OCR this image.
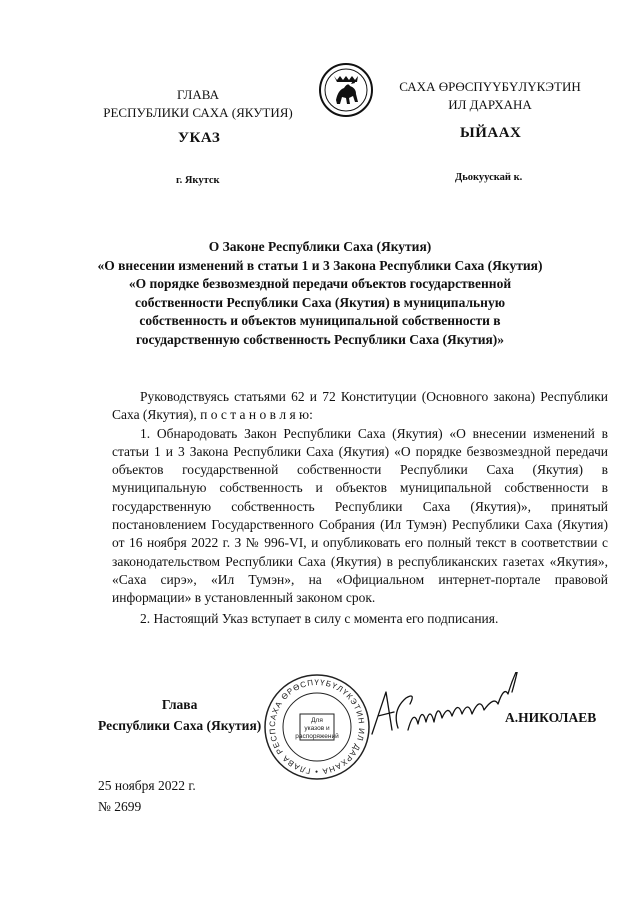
ГЛАВА
РЕСПУБЛИКИ САХА (ЯКУТИЯ)
САХА ӨРӨСПҮҮБҮЛҮКЭТИН
ИЛ ДАРХАНА
УКАЗ	ЫЙААХ
г. Якутск	Дьокуускай к.
О Законе Республики Саха (Якутия)
«О внесении изменений в статьи 1 и 3 Закона Республики Саха (Якутия)
«О порядке безвозмездной передачи объектов государственной
собственности Республики Саха (Якутия) в муниципальную
собственность и объектов муниципальной собственности в
государственную собственность Республики Саха (Якутия)»

Руководствуясь статьями 62 и 72 Конституции (Основного закона) Республики Саха (Якутия), п о с т а н о в л я ю:

1. Обнародовать Закон Республики Саха (Якутия) «О внесении изменений в статьи 1 и 3 Закона Республики Саха (Якутия) «О порядке безвозмездной передачи объектов государственной собственности Республики Саха (Якутия) в муниципальную собственность и объектов муниципальной собственности в государственную собственность Республики Саха (Якутия)», принятый постановлением Государственного Собрания (Ил Тумэн) Республики Саха (Якутия) от 16 ноября 2022 г. З № 996-VI, и опубликовать его полный текст в соответствии с законодательством Республики Саха (Якутия) в республиканских газетах «Якутия», «Саха сирэ», «Ил Тумэн», на «Официальном интернет-портале правовой информации» в установленный законом срок.

2. Настоящий Указ вступает в силу с момента его подписания.

Глава
Республики Саха (Якутия) САХА ӨРӨСПҮҮБҮЛҮКЭТИН ИЛ ДАРХАНА • ГЛАВА РЕСП
Для
указов и
распоряжений
А.НИКОЛАЕВ
25 ноября 2022 г.
№ 2699
